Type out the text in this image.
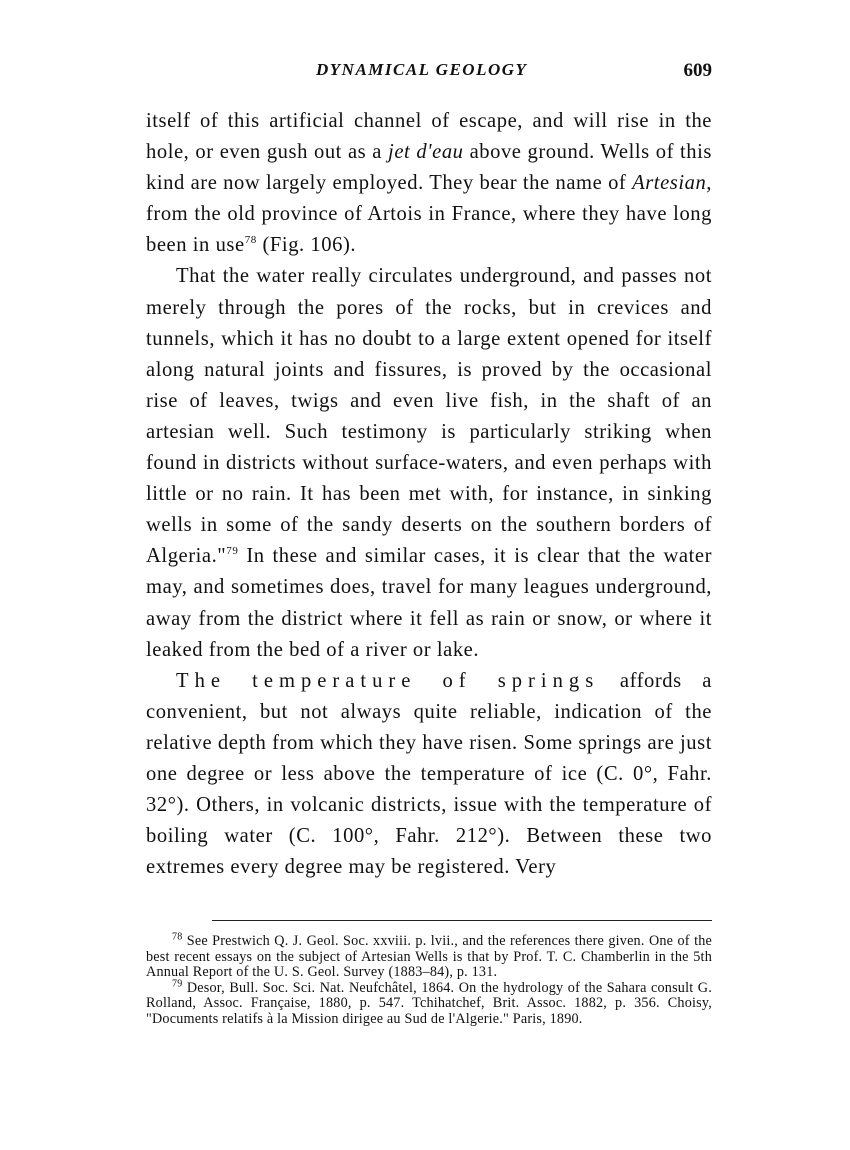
DYNAMICAL GEOLOGY	609

itself of this artificial channel of escape, and will rise in the hole, or even gush out as a jet d'eau above ground. Wells of this kind are now largely employed. They bear the name of Artesian, from the old province of Artois in France, where they have long been in use$^{78}$ (Fig. 106).

That the water really circulates underground, and passes not merely through the pores of the rocks, but in crevices and tunnels, which it has no doubt to a large extent opened for itself along natural joints and fissures, is proved by the occasional rise of leaves, twigs and even live fish, in the shaft of an artesian well. Such testimony is particularly striking when found in districts without surface-waters, and even perhaps with little or no rain. It has been met with, for instance, in sinking wells in some of the sandy deserts on the southern borders of Algeria."$^{79}$ In these and similar cases, it is clear that the water may, and sometimes does, travel for many leagues underground, away from the district where it fell as rain or snow, or where it leaked from the bed of a river or lake.

The temperature of springs affords a convenient, but not always quite reliable, indication of the relative depth from which they have risen. Some springs are just one degree or less above the temperature of ice (C. 0°, Fahr. 32°). Others, in volcanic districts, issue with the temperature of boiling water (C. 100°, Fahr. 212°). Between these two extremes every degree may be registered. Very

$^{78}$ See Prestwich Q. J. Geol. Soc. xxviii. p. lvii., and the references there given. One of the best recent essays on the subject of Artesian Wells is that by Prof. T. C. Chamberlin in the 5th Annual Report of the U. S. Geol. Survey (1883–84), p. 131.

$^{79}$ Desor, Bull. Soc. Sci. Nat. Neufchâtel, 1864. On the hydrology of the Sahara consult G. Rolland, Assoc. Française, 1880, p. 547. Tchihatchef, Brit. Assoc. 1882, p. 356. Choisy, "Documents relatifs à la Mission dirigee au Sud de l'Algerie." Paris, 1890.
